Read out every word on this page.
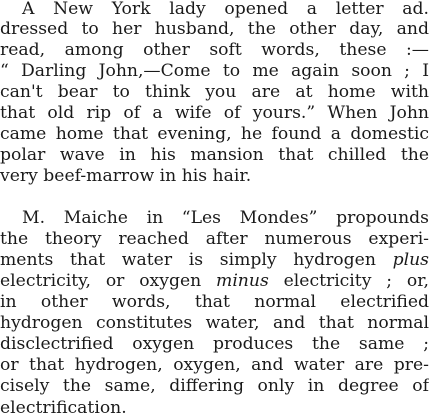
A New York lady opened a letter ad.

dressed to her husband, the other day, and

read, among other soft words, these :—

“ Darling John,—Come to me again soon ; I

can't bear to think you are at home with

that old rip of a wife of yours.” When John

came home that evening, he found a domestic

polar wave in his mansion that chilled the

very beef-marrow in his hair.

M. Maiche in “Les Mondes” propounds

the theory reached after numerous experi-

ments that water is simply hydrogen plus

electricity, or oxygen minus electricity ; or,

in other words, that normal electrified

hydrogen constitutes water, and that normal

disclectrified oxygen produces the same ;

or that hydrogen, oxygen, and water are pre-

cisely the same, differing only in degree of

electrification.
